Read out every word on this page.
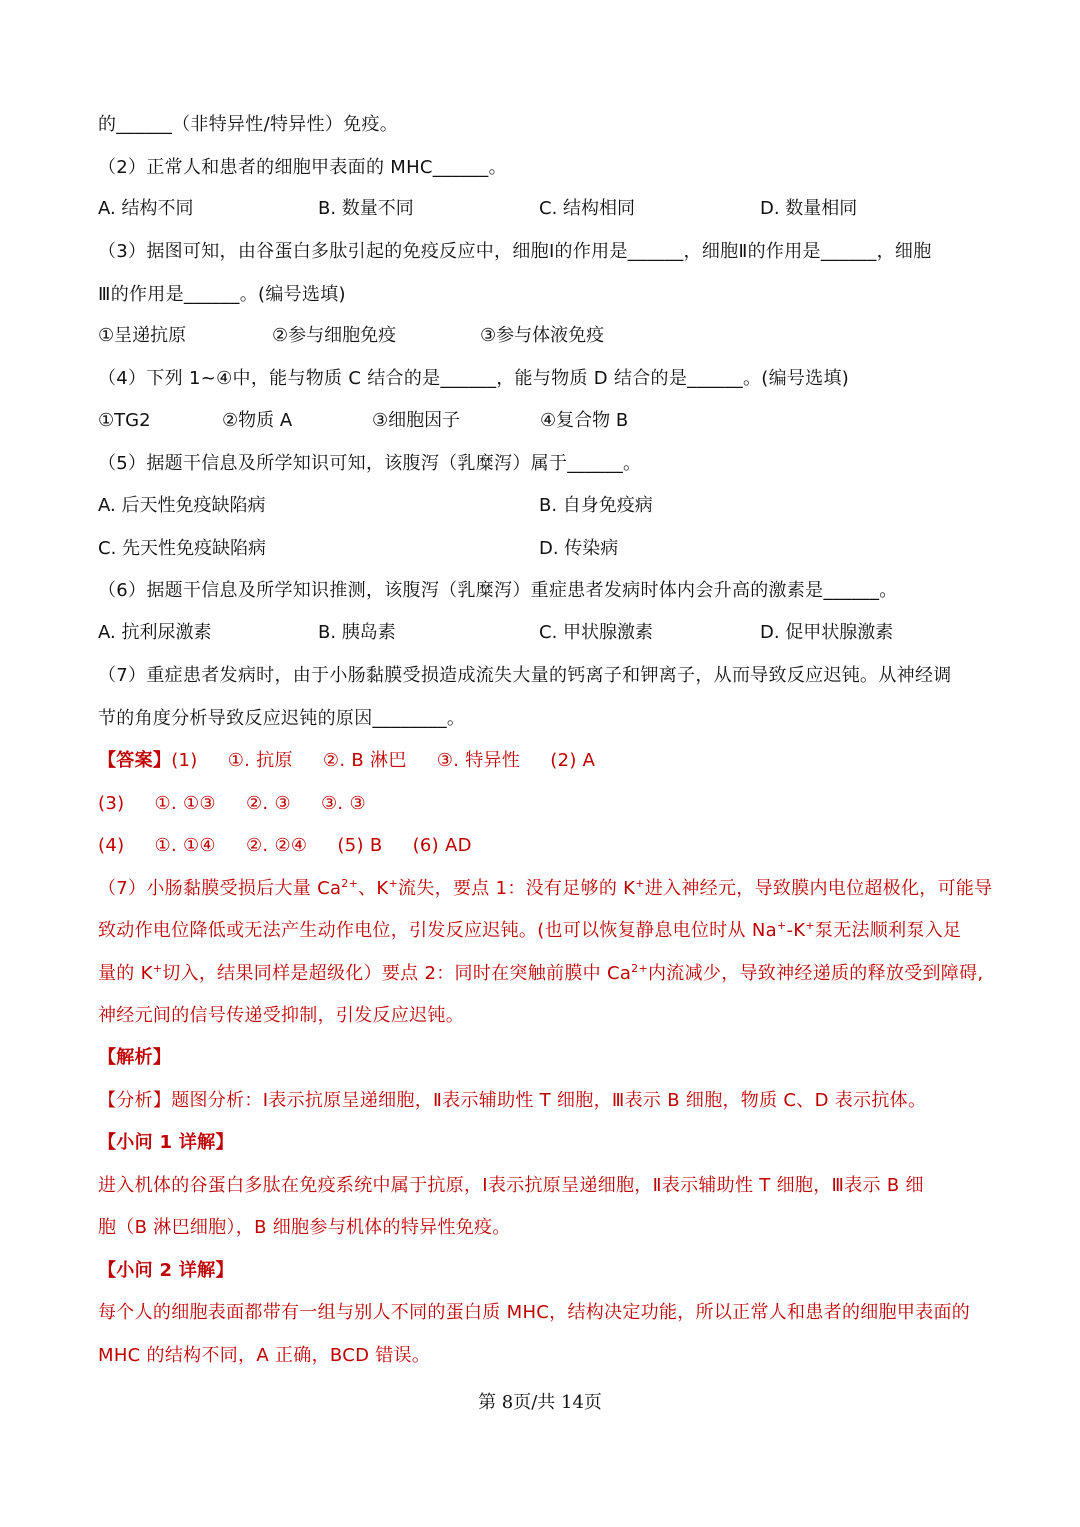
的______（非特异性/特异性）免疫。
（2）正常人和患者的细胞甲表面的 MHC______。
A. 结构不同	B. 数量不同	C. 结构相同	D. 数量相同
（3）据图可知，由谷蛋白多肽引起的免疫反应中，细胞Ⅰ的作用是______，细胞Ⅱ的作用是______，细胞
Ⅲ的作用是______。(编号选填)
①呈递抗原	②参与细胞免疫	③参与体液免疫
（4）下列 1~④中，能与物质 C 结合的是______，能与物质 D 结合的是______。(编号选填)
①TG2	②物质 A	③细胞因子	④复合物 B
（5）据题干信息及所学知识可知，该腹泻（乳糜泻）属于______。
A. 后天性免疫缺陷病	B. 自身免疫病
C. 先天性免疫缺陷病	D. 传染病
（6）据题干信息及所学知识推测，该腹泻（乳糜泻）重症患者发病时体内会升高的激素是______。
A. 抗利尿激素	B. 胰岛素	C. 甲状腺激素	D. 促甲状腺激素
（7）重症患者发病时，由于小肠黏膜受损造成流失大量的钙离子和钾离子，从而导致反应迟钝。从神经调
节的角度分析导致反应迟钝的原因________。
【答案】(1)     ①. 抗原     ②. B 淋巴     ③. 特异性     (2) A
(3)     ①. ①③     ②. ③     ③. ③
(4)     ①. ①④     ②. ②④     (5) B     (6) AD
（7）小肠黏膜受损后大量 $Ca^{2+}$、K+流失，要点 1：没有足够的 K+进入神经元，导致膜内电位超极化，可能导
致动作电位降低或无法产生动作电位，引发反应迟钝。(也可以恢复静息电位时从 Na+-K+泵无法顺利泵入足
量的 K+切入，结果同样是超级化）要点 2：同时在突触前膜中 $Ca^{2+}$内流减少，导致神经递质的释放受到障碍,
神经元间的信号传递受抑制，引发反应迟钝。
【解析】
【分析】题图分析：Ⅰ表示抗原呈递细胞，Ⅱ表示辅助性 T 细胞，Ⅲ表示 B 细胞，物质 C、D 表示抗体。
【小问 1 详解】
进入机体的谷蛋白多肽在免疫系统中属于抗原，Ⅰ表示抗原呈递细胞，Ⅱ表示辅助性 T 细胞，Ⅲ表示 B 细
胞（B 淋巴细胞），B 细胞参与机体的特异性免疫。
【小问 2 详解】
每个人的细胞表面都带有一组与别人不同的蛋白质 MHC，结构决定功能，所以正常人和患者的细胞甲表面的
MHC 的结构不同，A 正确，BCD 错误。
第 8页/共 14页
